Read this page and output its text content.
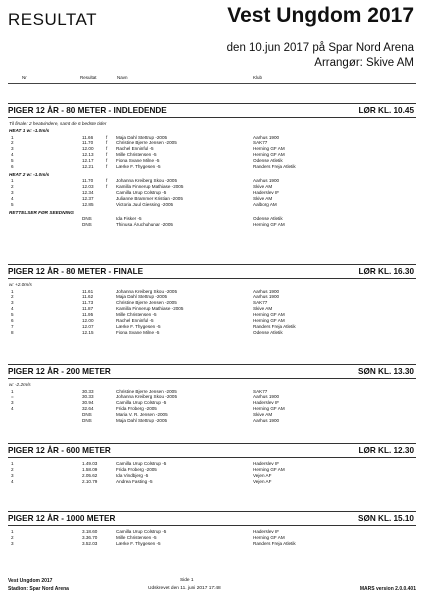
RESULTAT	Vest Ungdom 2017
den 10.jun 2017 på Spar Nord Arena
Arrangør: Skive AM
Nr	Resultat	Navn	Klub
PIGER 12 ÅR - 80 METER - INDLEDENDE	LØR KL. 10.45
Til finale: 2 heatvindere, samt de 6 bedste tider
HEAT 1 w: -1.0m/s
1	11.66	f Maja Dahl Stettrup -2005	Aarhus 1900
2	11.70	f Christine Bjerre Jensen -2005	SAK77
3	12.00	f Rachel Enninful -5	Herning GF AM
4	12.13	f Mille Christensen -5	Herning GF AM
5	12.17	f Fiona Svane Milne -5	Odense Atletik
6	12.21	f Lærke F. Thygesen -5	Randers Freja Atletik
HEAT 2 w: -1.0m/s
1	11.70	f Johanna Kreiberg Skou -2005	Aarhus 1900
2	12.03	f Kamilla Finnerup Mathiase -2005	Skive AM
3	12.34	Camilla Urup Colstrup -5	Haderslev IF
4	12.37	Julianne Brammer Kristian -2005	Skive AM
5	12.85	Victoria Juul Giessing -2005	Aalborg AM
RETTELSER FØR SEEDNING
DNS	Ida Fisker -5	Odense Atletik
DNS	Thinusa Áruchuhunar -2005	Herning GF AM
PIGER 12 ÅR - 80 METER - FINALE	LØR KL. 16.30
w: +2.0m/s
1	11.61	Johanna Kreiberg Skou -2005	Aarhus 1900
2	11.62	Maja Dahl Stettrup -2005	Aarhus 1900
3	11.73	Christine Bjerre Jensen -2005	SAK77
4	11.87	Kamilla Finnerup Mathiase -2005	Skive AM
5	11.95	Mille Christensen -5	Herning GF AM
6	12.00	Rachel Enninful -5	Herning GF AM
7	12.07	Lærke F. Thygesen -5	Randers Freja Atletik
8	12.15	Fiona Svane Milne -5	Odense Atletik
PIGER 12 ÅR - 200 METER	SØN KL. 13.30
w: -2.2m/s
1	30.33	Christine Bjerre Jensen -2005	SAK77
=	30.33	Johanna Kreiberg Skou -2005	Aarhus 1900
3	30.94	Camilla Urup Colstrup -5	Haderslev IF
4	32.64	Frida Froberg -2005	Herning GF AM
DNS	Maria V. R. Jensen -2005	Skive AM
DNS	Maja Dahl Stettrup -2005	Aarhus 1900
PIGER 12 ÅR - 600 METER	LØR KL. 12.30
1	1.49.03	Camilla Urup Colstrup -5	Haderslev IF
2	1.58.09	Frida Froberg -2005	Herning GF AM
3	2.05.62	Ida Vindbjerg -5	Vejen AF
4	2.10.79	Andrea Fasting -5	Vejen AF
PIGER 12 ÅR - 1000 METER	SØN KL. 15.10
1	3.18.60	Camilla Urup Colstrup -5	Haderslev IF
2	3.36.70	Mille Christensen -5	Herning GF AM
3	3.52.03	Lærke F. Thygesen -5	Randers Freja Atletik
Vest Ungdom 2017
Stadion: Spar Nord Arena
Side 1
Udskrevet den 11. juni 2017 17:48	MARS version 2.0.0.401
